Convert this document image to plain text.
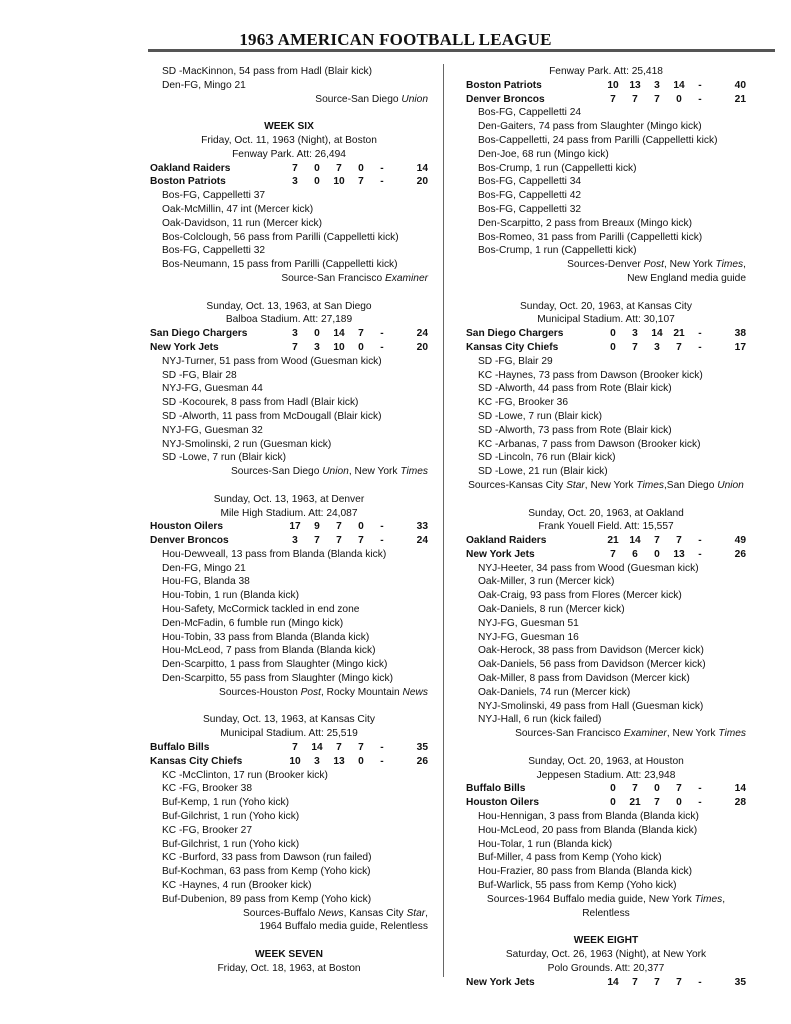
1963 AMERICAN FOOTBALL LEAGUE
SD -MacKinnon, 54 pass from Hadl (Blair kick)
Den-FG, Mingo 21
Source-San Diego Union
WEEK SIX
Friday, Oct. 11, 1963 (Night), at Boston
Fenway Park. Att: 26,494
Oakland Raiders	7	0	7	0	-	14
Boston Patriots	3	0	10	7	-	20
Bos-FG, Cappelletti 37
Oak-McMillin, 47 int (Mercer kick)
Oak-Davidson, 11 run (Mercer kick)
Bos-Colclough, 56 pass from Parilli (Cappelletti kick)
Bos-FG, Cappelletti 32
Bos-Neumann, 15 pass from Parilli (Cappelletti kick)
Source-San Francisco Examiner
Sunday, Oct. 13, 1963, at San Diego
Balboa Stadium. Att: 27,189
San Diego Chargers	3	0	14	7	-	24
New York Jets	7	3	10	0	-	20
NYJ-Turner, 51 pass from Wood (Guesman kick)
SD -FG, Blair 28
NYJ-FG, Guesman 44
SD -Kocourek, 8 pass from Hadl (Blair kick)
SD -Alworth, 11 pass from McDougall (Blair kick)
NYJ-FG, Guesman 32
NYJ-Smolinski, 2 run (Guesman kick)
SD -Lowe, 7 run (Blair kick)
Sources-San Diego Union, New York Times
Sunday, Oct. 13, 1963, at Denver
Mile High Stadium. Att: 24,087
Houston Oilers	17	9	7	0	-	33
Denver Broncos	3	7	7	7	-	24
Hou-Dewveall, 13 pass from Blanda (Blanda kick)
Den-FG, Mingo 21
Hou-FG, Blanda 38
Hou-Tobin, 1 run (Blanda kick)
Hou-Safety, McCormick tackled in end zone
Den-McFadin, 6 fumble run (Mingo kick)
Hou-Tobin, 33 pass from Blanda (Blanda kick)
Hou-McLeod, 7 pass from Blanda (Blanda kick)
Den-Scarpitto, 1 pass from Slaughter (Mingo kick)
Den-Scarpitto, 55 pass from Slaughter (Mingo kick)
Sources-Houston Post, Rocky Mountain News
Sunday, Oct. 13, 1963, at Kansas City
Municipal Stadium. Att: 25,519
Buffalo Bills	7	14	7	7	-	35
Kansas City Chiefs	10	3	13	0	-	26
KC -McClinton, 17 run (Brooker kick)
KC -FG, Brooker 38
Buf-Kemp, 1 run (Yoho kick)
Buf-Gilchrist, 1 run (Yoho kick)
KC -FG, Brooker 27
Buf-Gilchrist, 1 run (Yoho kick)
KC -Burford, 33 pass from Dawson (run failed)
Buf-Kochman, 63 pass from Kemp (Yoho kick)
KC -Haynes, 4 run (Brooker kick)
Buf-Dubenion, 89 pass from Kemp (Yoho kick)
Sources-Buffalo News, Kansas City Star,
1964 Buffalo media guide, Relentless
WEEK SEVEN
Friday, Oct. 18, 1963, at Boston
Fenway Park. Att: 25,418
Boston Patriots	10	13	3	14	-	40
Denver Broncos	7	7	7	0	-	21
Bos-FG, Cappelletti 24
Den-Gaiters, 74 pass from Slaughter (Mingo kick)
Bos-Cappelletti, 24 pass from Parilli (Cappelletti kick)
Den-Joe, 68 run (Mingo kick)
Bos-Crump, 1 run (Cappelletti kick)
Bos-FG, Cappelletti 34
Bos-FG, Cappelletti 42
Bos-FG, Cappelletti 32
Den-Scarpitto, 2 pass from Breaux (Mingo kick)
Bos-Romeo, 31 pass from Parilli (Cappelletti kick)
Bos-Crump, 1 run (Cappelletti kick)
Sources-Denver Post, New York Times,
New England media guide
Sunday, Oct. 20, 1963, at Kansas City
Municipal Stadium. Att: 30,107
San Diego Chargers	0	3	14	21	-	38
Kansas City Chiefs	0	7	3	7	-	17
SD -FG, Blair 29
KC -Haynes, 73 pass from Dawson (Brooker kick)
SD -Alworth, 44 pass from Rote (Blair kick)
KC -FG, Brooker 36
SD -Lowe, 7 run (Blair kick)
SD -Alworth, 73 pass from Rote (Blair kick)
KC -Arbanas, 7 pass from Dawson (Brooker kick)
SD -Lincoln, 76 run (Blair kick)
SD -Lowe, 21 run (Blair kick)
Sources-Kansas City Star, New York Times,San Diego Union
Sunday, Oct. 20, 1963, at Oakland
Frank Youell Field. Att: 15,557
Oakland Raiders	21	14	7	7	-	49
New York Jets	7	6	0	13	-	26
NYJ-Heeter, 34 pass from Wood (Guesman kick)
Oak-Miller, 3 run (Mercer kick)
Oak-Craig, 93 pass from Flores (Mercer kick)
Oak-Daniels, 8 run (Mercer kick)
NYJ-FG, Guesman 51
NYJ-FG, Guesman 16
Oak-Herock, 38 pass from Davidson (Mercer kick)
Oak-Daniels, 56 pass from Davidson (Mercer kick)
Oak-Miller, 8 pass from Davidson (Mercer kick)
Oak-Daniels, 74 run (Mercer kick)
NYJ-Smolinski, 49 pass from Hall (Guesman kick)
NYJ-Hall, 6 run (kick failed)
Sources-San Francisco Examiner, New York Times
Sunday, Oct. 20, 1963, at Houston
Jeppesen Stadium. Att: 23,948
Buffalo Bills	0	7	0	7	-	14
Houston Oilers	0	21	7	0	-	28
Hou-Hennigan, 3 pass from Blanda (Blanda kick)
Hou-McLeod, 20 pass from Blanda (Blanda kick)
Hou-Tolar, 1 run (Blanda kick)
Buf-Miller, 4 pass from Kemp (Yoho kick)
Hou-Frazier, 80 pass from Blanda (Blanda kick)
Buf-Warlick, 55 pass from Kemp (Yoho kick)
Sources-1964 Buffalo media guide, New York Times, Relentless
WEEK EIGHT
Saturday, Oct. 26, 1963 (Night), at New York
Polo Grounds. Att: 20,377
New York Jets	14	7	7	7	-	35
